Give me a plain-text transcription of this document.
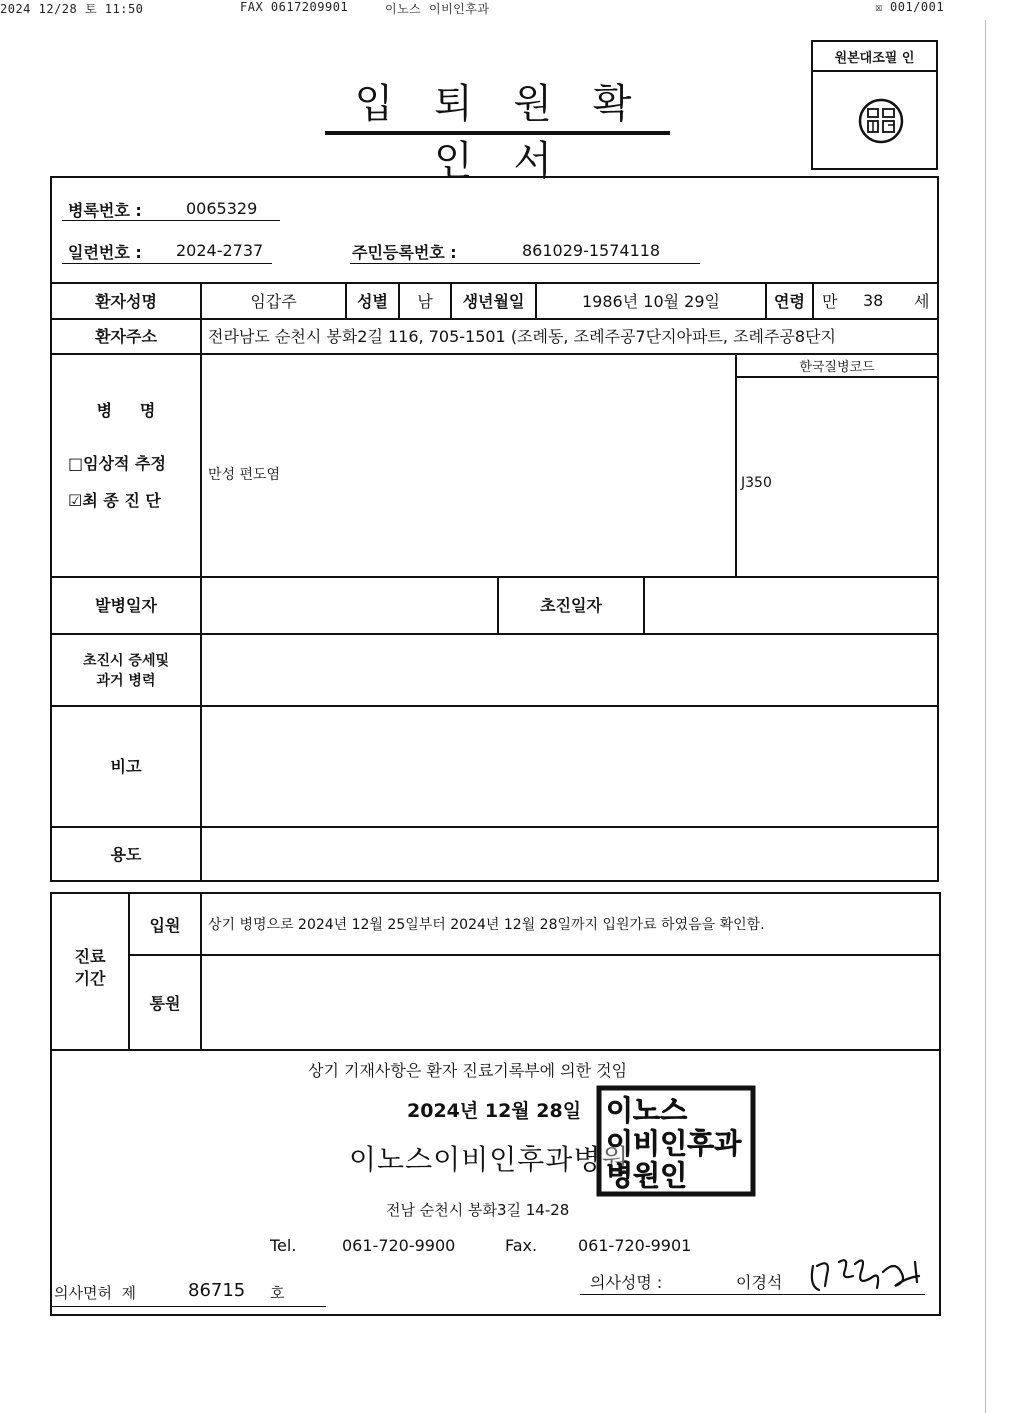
2024 12/28 토 11:50	FAX 0617209901	이노스 이비인후과	☒ 001/001
원본대조필 인
입 퇴 원 확 인 서
병록번호 :	0065329
일련번호 : 2024-2737	주민등록번호 :	861029-1574118
환자성명	임갑주	성별	남	생년월일	1986년 10월 29일	연령	만	38	세
환자주소	전라남도 순천시 봉화2길 116, 705-1501 (조례동, 조례주공7단지아파트, 조례주공8단지
병     명
□임상적 추정
☑최 종 진 단
만성 편도염
한국질병코드
J350
발병일자	초진일자
초진시 증세및
과거 병력
비고
용도
진료
기간
입원	상기 병명으로 2024년 12월 25일부터 2024년 12월 28일까지 입원가료 하였음을 확인함.
통원
상기 기재사항은 환자 진료기록부에 의한 것임
2024년 12월 28일
이노스이비인후과병원
전남 순천시 봉화3길 14-28
Tel.	061-720-9900	Fax.	061-720-9901
의사면허  제	86715 호
의사성명 :	이경석
이노스
이비인후과
병원인
